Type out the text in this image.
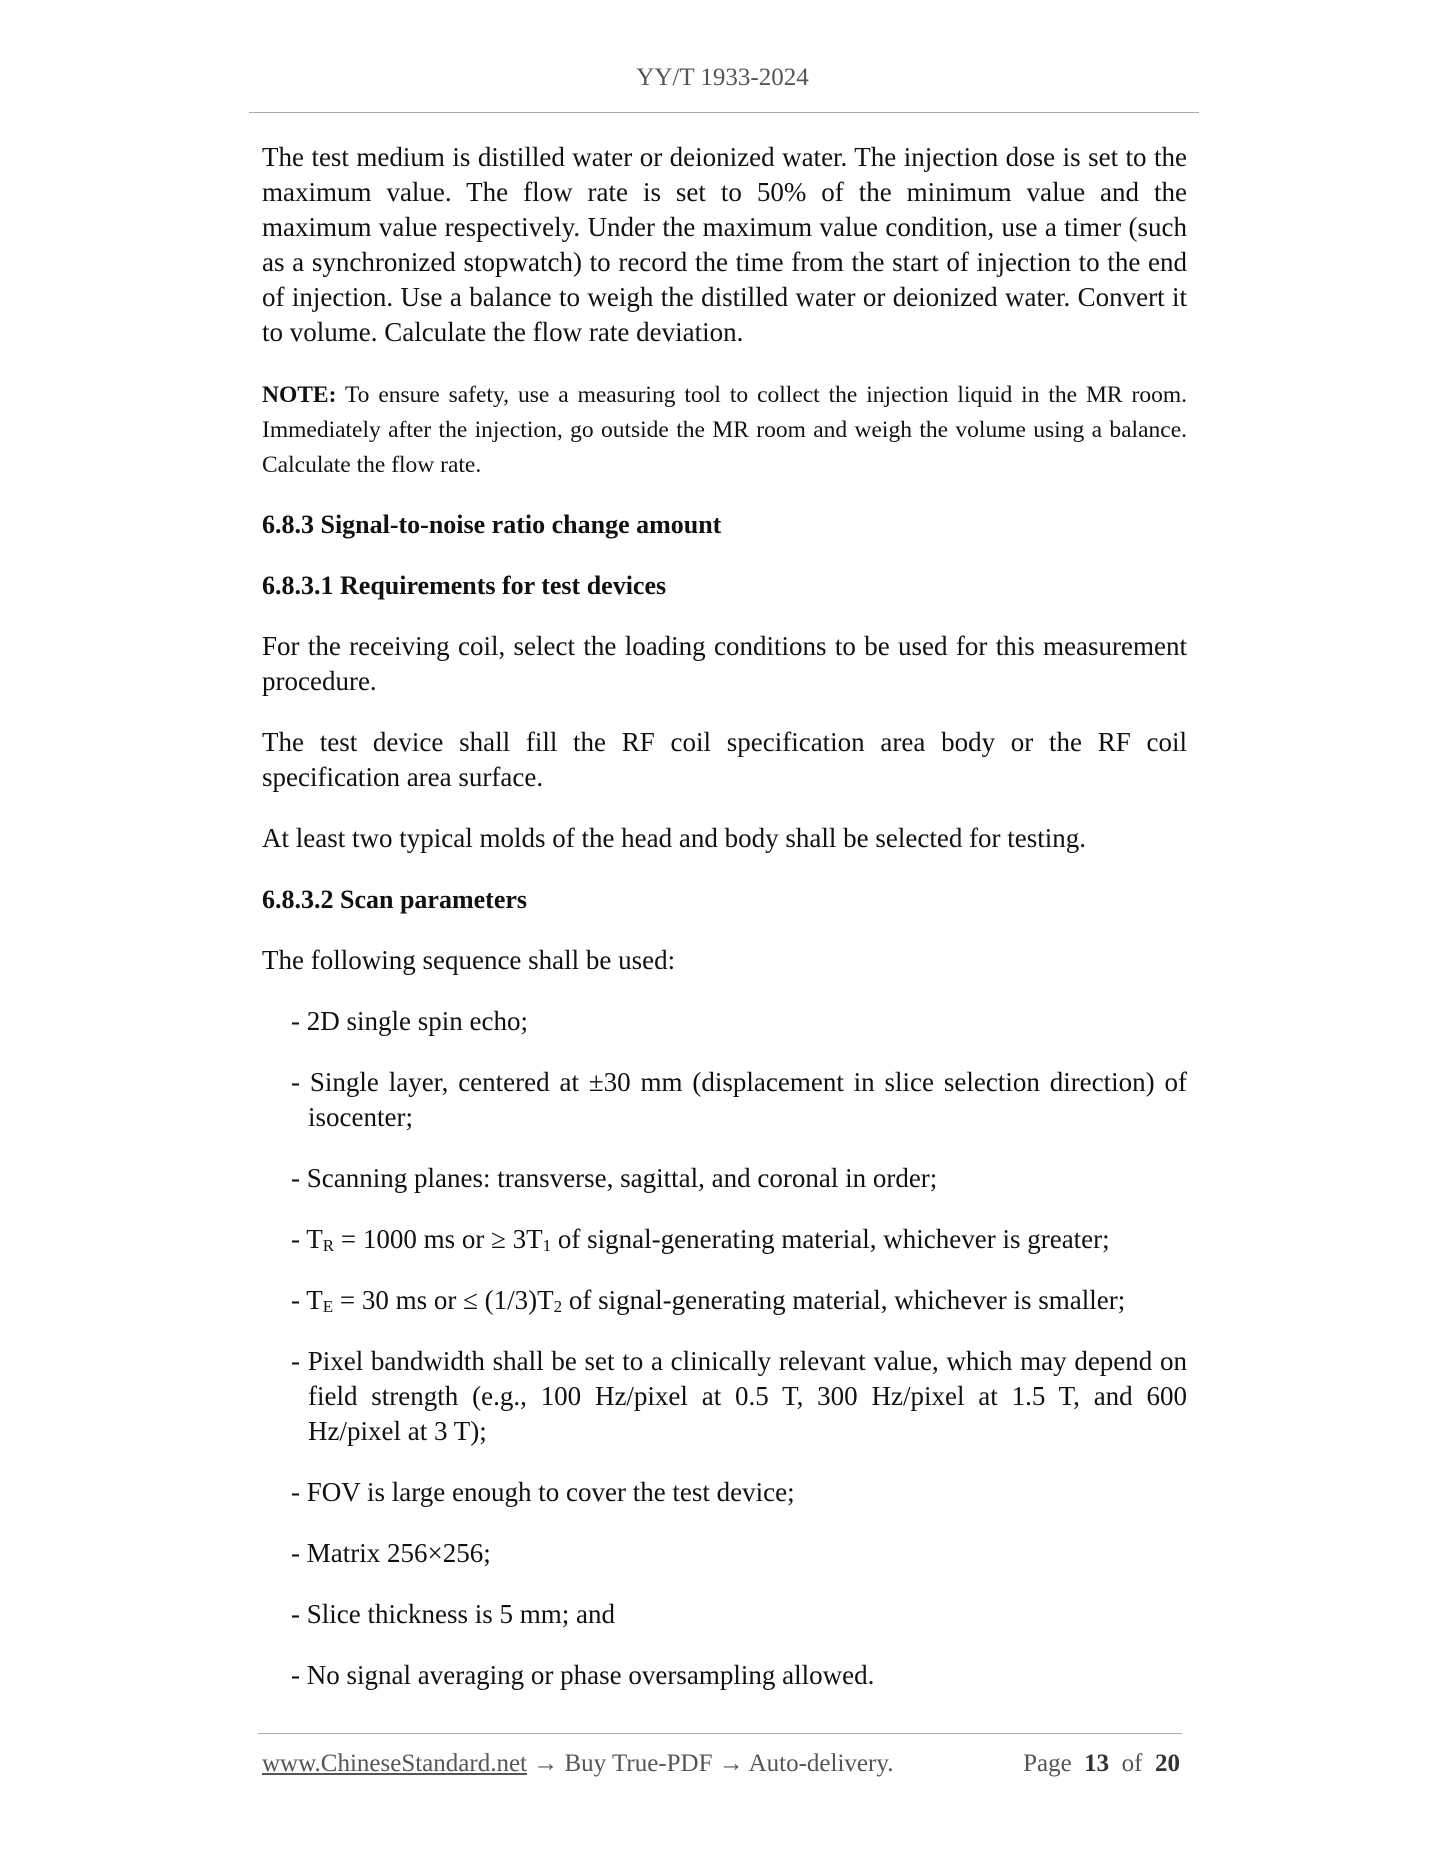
YY/T 1933-2024

The test medium is distilled water or deionized water. The injection dose is set to the maximum value. The flow rate is set to 50% of the minimum value and the maximum value respectively. Under the maximum value condition, use a timer (such as a synchronized stopwatch) to record the time from the start of injection to the end of injection. Use a balance to weigh the distilled water or deionized water. Convert it to volume. Calculate the flow rate deviation.

NOTE: To ensure safety, use a measuring tool to collect the injection liquid in the MR room. Immediately after the injection, go outside the MR room and weigh the volume using a balance. Calculate the flow rate.

6.8.3 Signal-to-noise ratio change amount
6.8.3.1 Requirements for test devices

For the receiving coil, select the loading conditions to be used for this measurement procedure.

The test device shall fill the RF coil specification area body or the RF coil specification area surface.

At least two typical molds of the head and body shall be selected for testing.

6.8.3.2 Scan parameters

The following sequence shall be used:

- 2D single spin echo;
- Single layer, centered at ±30 mm (displacement in slice selection direction) of isocenter;
- Scanning planes: transverse, sagittal, and coronal in order;
- TR = 1000 ms or ≥ 3T1 of signal-generating material, whichever is greater;
- TE = 30 ms or ≤ (1/3)T2 of signal-generating material, whichever is smaller;
- Pixel bandwidth shall be set to a clinically relevant value, which may depend on field strength (e.g., 100 Hz/pixel at 0.5 T, 300 Hz/pixel at 1.5 T, and 600 Hz/pixel at 3 T);
- FOV is large enough to cover the test device;
- Matrix 256×256;
- Slice thickness is 5 mm; and
- No signal averaging or phase oversampling allowed.
www.ChineseStandard.net → Buy True-PDF → Auto-delivery.	Page 13 of 20
